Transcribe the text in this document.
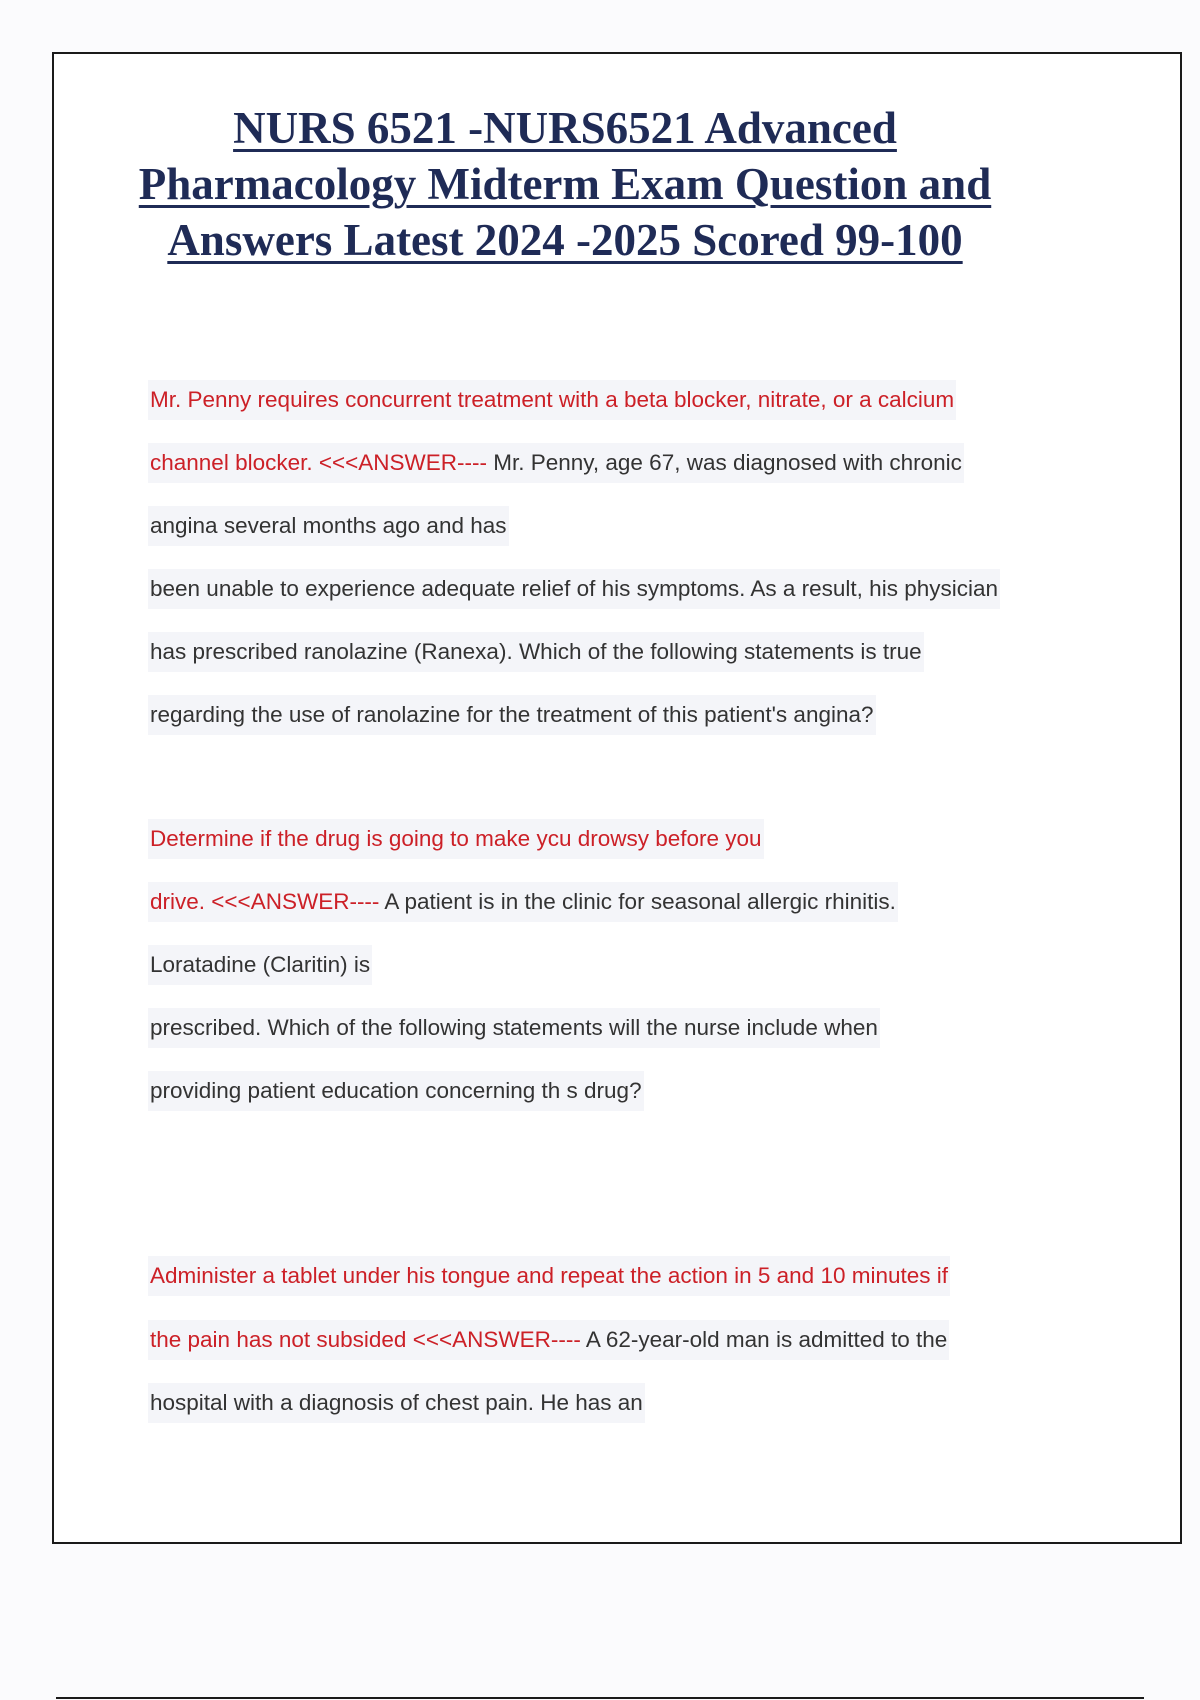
NURS 6521 -NURS6521 Advanced
Pharmacology Midterm Exam Question and
Answers Latest 2024 -2025 Scored 99-100
Mr. Penny requires concurrent treatment with a beta blocker, nitrate, or a calcium
channel blocker. <<<ANSWER---- Mr. Penny, age 67, was diagnosed with chronic
angina several months ago and has
been unable to experience adequate relief of his symptoms. As a result, his physician
has prescribed ranolazine (Ranexa). Which of the following statements is true
regarding the use of ranolazine for the treatment of this patient's angina?
Determine if the drug is going to make ycu drowsy before you
drive. <<<ANSWER---- A patient is in the clinic for seasonal allergic rhinitis.
Loratadine (Claritin) is
prescribed. Which of the following statements will the nurse include when
providing patient education concerning th s drug?
Administer a tablet under his tongue and repeat the action in 5 and 10 minutes if
the pain has not subsided <<<ANSWER---- A 62-year-old man is admitted to the
hospital with a diagnosis of chest pain. He has an
